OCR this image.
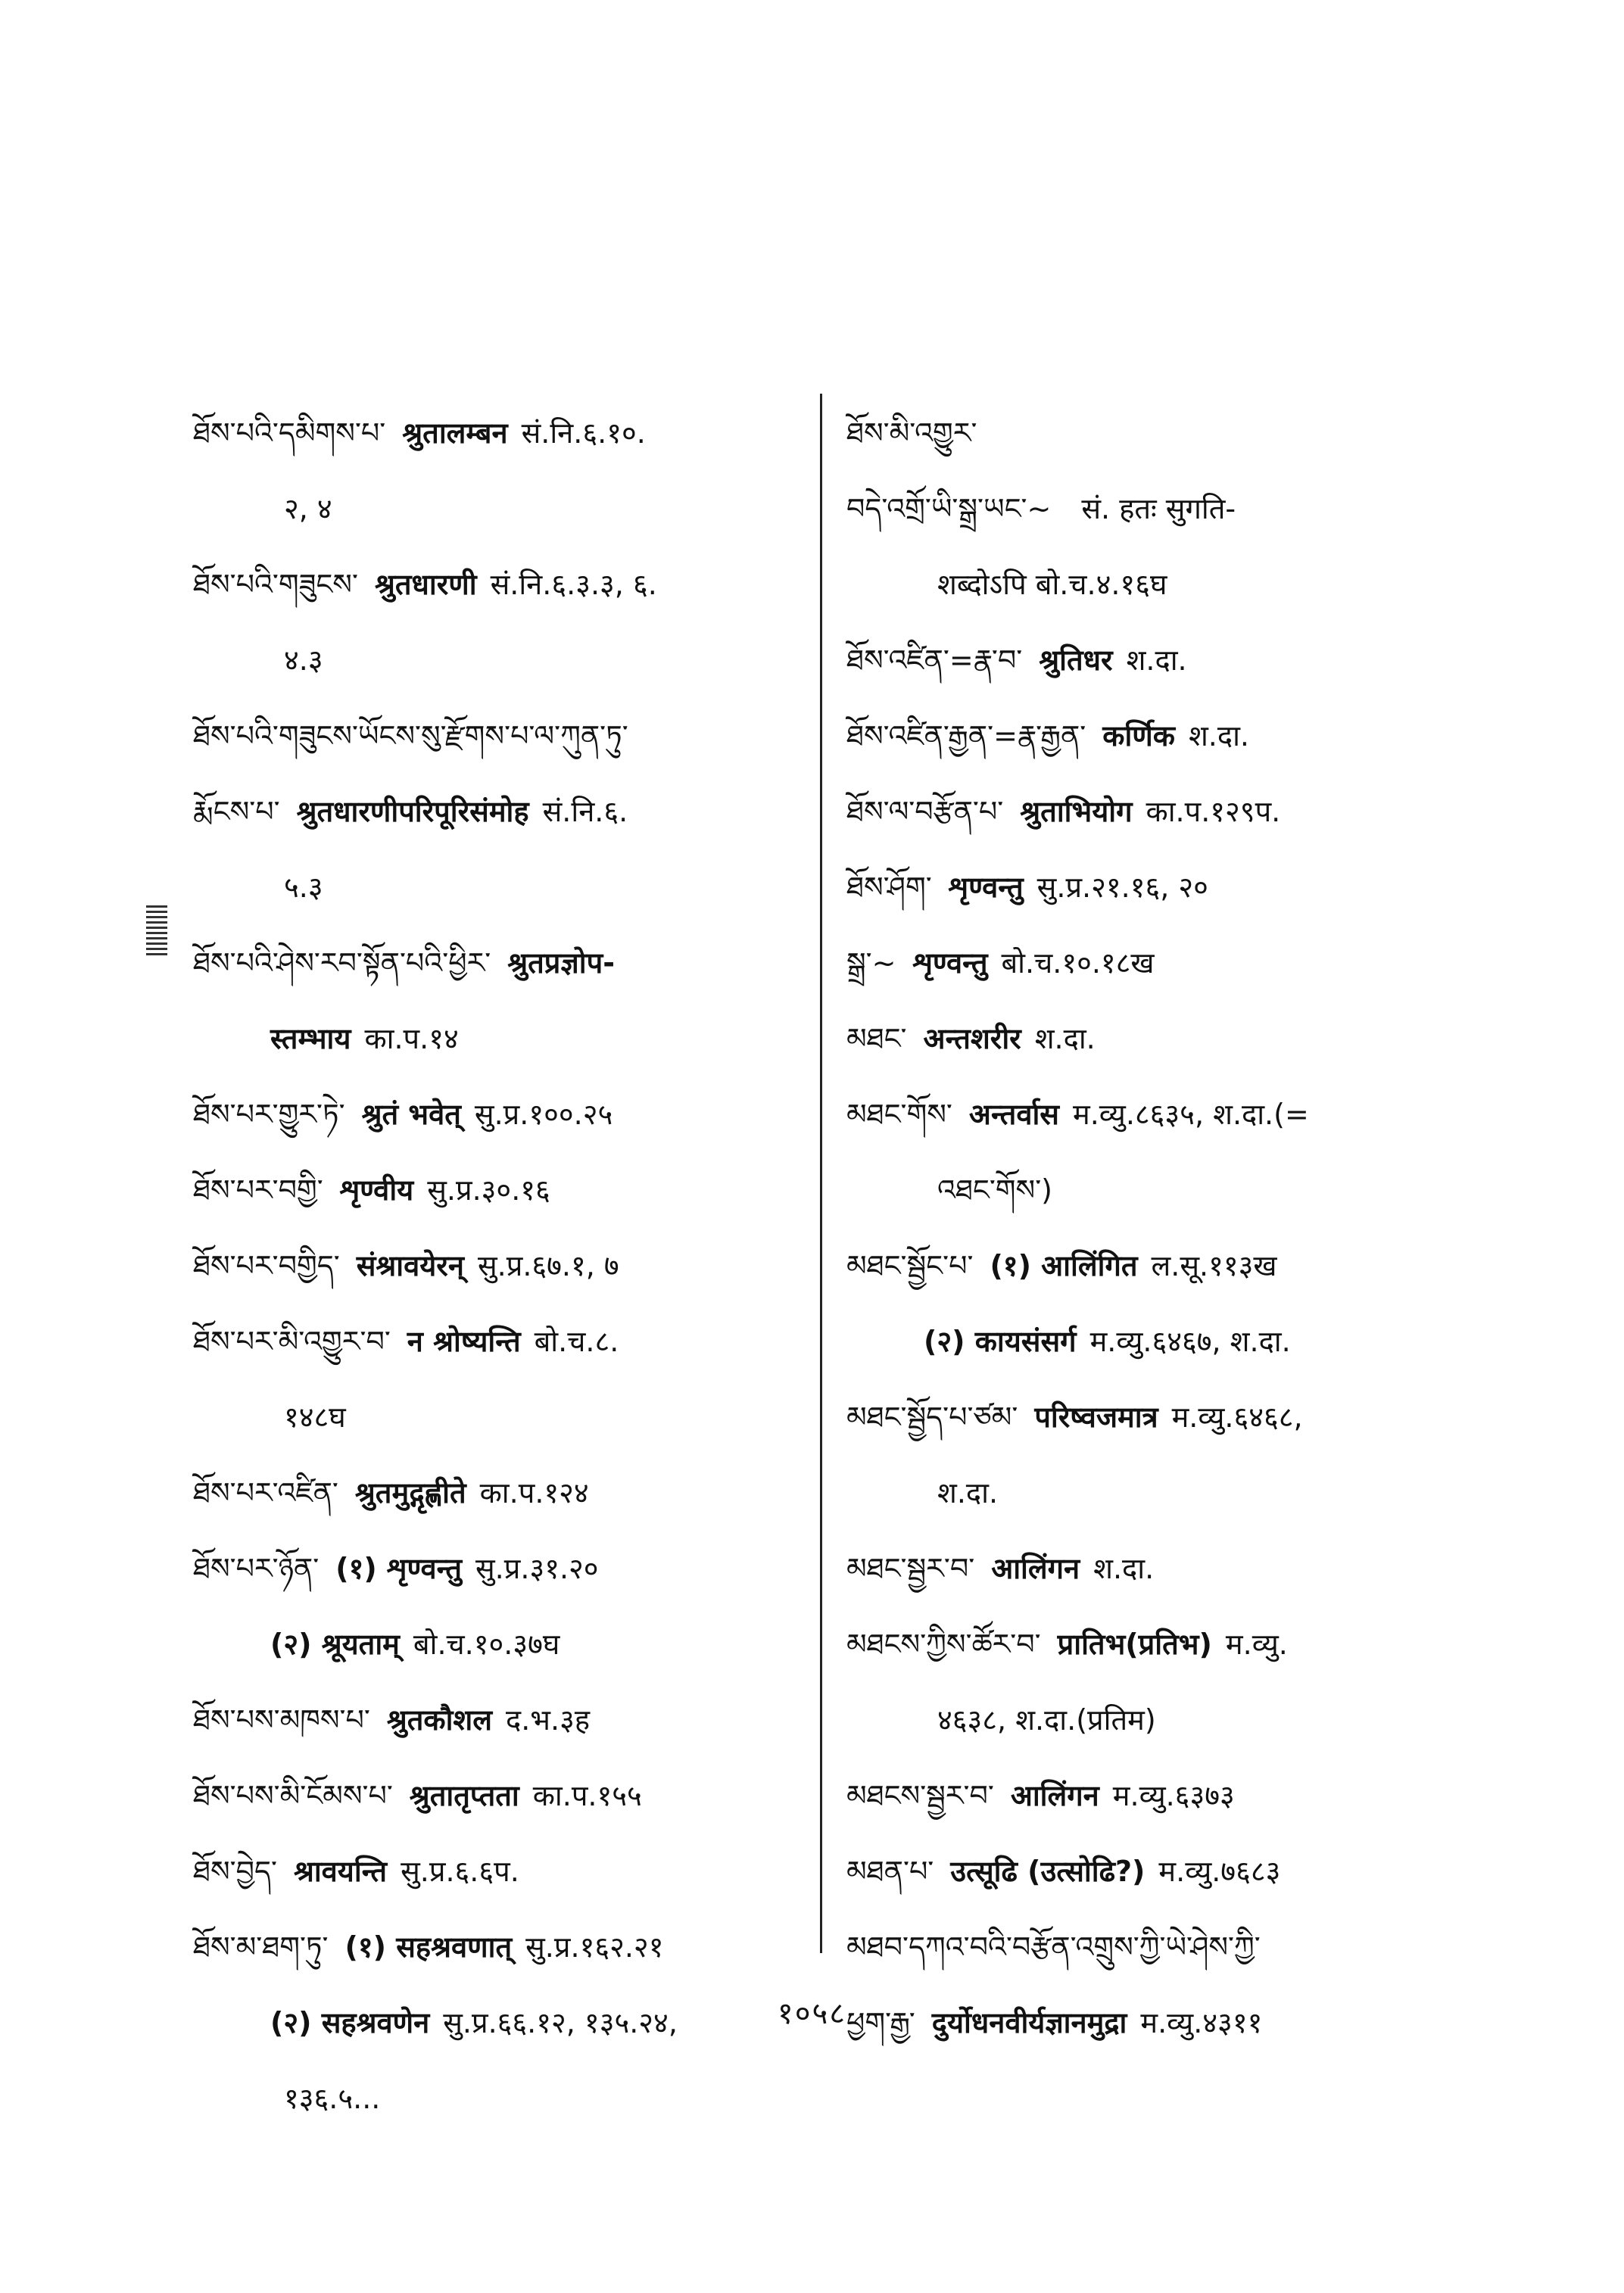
ཐོས་པའི་དམིགས་པ་ श्रुतालम्बन सं.नि.६.१०.
२, ४
ཐོས་པའི་གཟུངས་ श्रुतधारणी सं.नि.६.३.३, ६.
४.३
ཐོས་པའི་གཟུངས་ཡོངས་སུ་རྫོགས་པ་ལ་ཀུན་ཏུ་
རྨོངས་པ་ श्रुतधारणीपरिपूरिसंमोह सं.नि.६.
५.३
ཐོས་པའི་ཤེས་རབ་སྟོན་པའི་ཕྱིར་ श्रुतप्रज्ञोप-
स्तम्भाय का.प.१४
ཐོས་པར་གྱུར་ཏེ་ श्रुतं भवेत् सु.प्र.१००.२५
ཐོས་པར་བགྱི་ शृण्वीय सु.प्र.३०.१६
ཐོས་པར་བགྱིད་ संश्रावयेरन् सु.प्र.६७.१, ७
ཐོས་པར་མི་འགྱུར་བ་ न श्रोष्यन्ति बो.च.८.
१४८घ
ཐོས་པར་འཛིན་ श्रुतमुद्गृह्णीते का.प.१२४
ཐོས་པར་ཉོན་ (१) शृण्वन्तु सु.प्र.३१.२०
(२) श्रूयताम् बो.च.१०.३७घ
ཐོས་པས་མཁས་པ་ श्रुतकौशल द.भ.३ह
ཐོས་པས་མི་ངོམས་པ་ श्रुतातृप्तता का.प.१५५
ཐོས་བྱེད་ श्रावयन्ति सु.प्र.६.६प.
ཐོས་མ་ཐག་ཏུ་ (१) सहश्रवणात् सु.प्र.१६२.२१
(२) सहश्रवणेन सु.प्र.६६.१२, १३५.२४,
१३६.५...
ཐོས་མི་འགྱུར་
བདེ་འགྲོ་ཡི་སྒྲ་ཡང་~ सं. हतः सुगति-
शब्दोऽपि बो.च.४.१६घ
ཐོས་འཛིན་=རྣ་བ་ श्रुतिधर श.दा.
ཐོས་འཛིན་རྒྱན་=རྣ་རྒྱན་ कर्णिक श.दा.
ཐོས་ལ་བརྩོན་པ་ श्रुताभियोग का.प.१२९प.
ཐོས་ཤོག་ शृण्वन्तु सु.प्र.२१.१६, २०
སྒྲ་~ शृण्वन्तु बो.च.१०.१८ख
མཐང་ अन्तशरीर श.दा.
མཐང་གོས་ अन्तर्वास म.व्यु.८६३५, श.दा.(=
འཐང་གོས་)
མཐང་སྦྱོང་པ་ (१) आलिंगित ल.सू.११३ख
(२) कायसंसर्ग म.व्यु.६४६७, श.दा.
མཐང་སྦྱོད་པ་ཙམ་ परिष्वजमात्र म.व्यु.६४६८,
श.दा.
མཐང་སྦྱར་བ་ आलिंगन श.दा.
མཐངས་ཀྱིས་ཚོར་བ་ प्रातिभ(प्रतिभ) म.व्यु.
४६३८, श.दा.(प्रतिम)
མཐངས་སྦྱར་བ་ आलिंगन म.व्यु.६३७३
མཐན་པ་ उत्सूढि (उत्सोढि?) म.व्यु.७६८३
མཐབ་དཀའ་བའི་བརྩོན་འགྲུས་ཀྱི་ཡེ་ཤེས་ཀྱི་
ཕྱག་རྒྱ་ दुर्योधनवीर्यज्ञानमुद्रा म.व्यु.४३११
१०५८
